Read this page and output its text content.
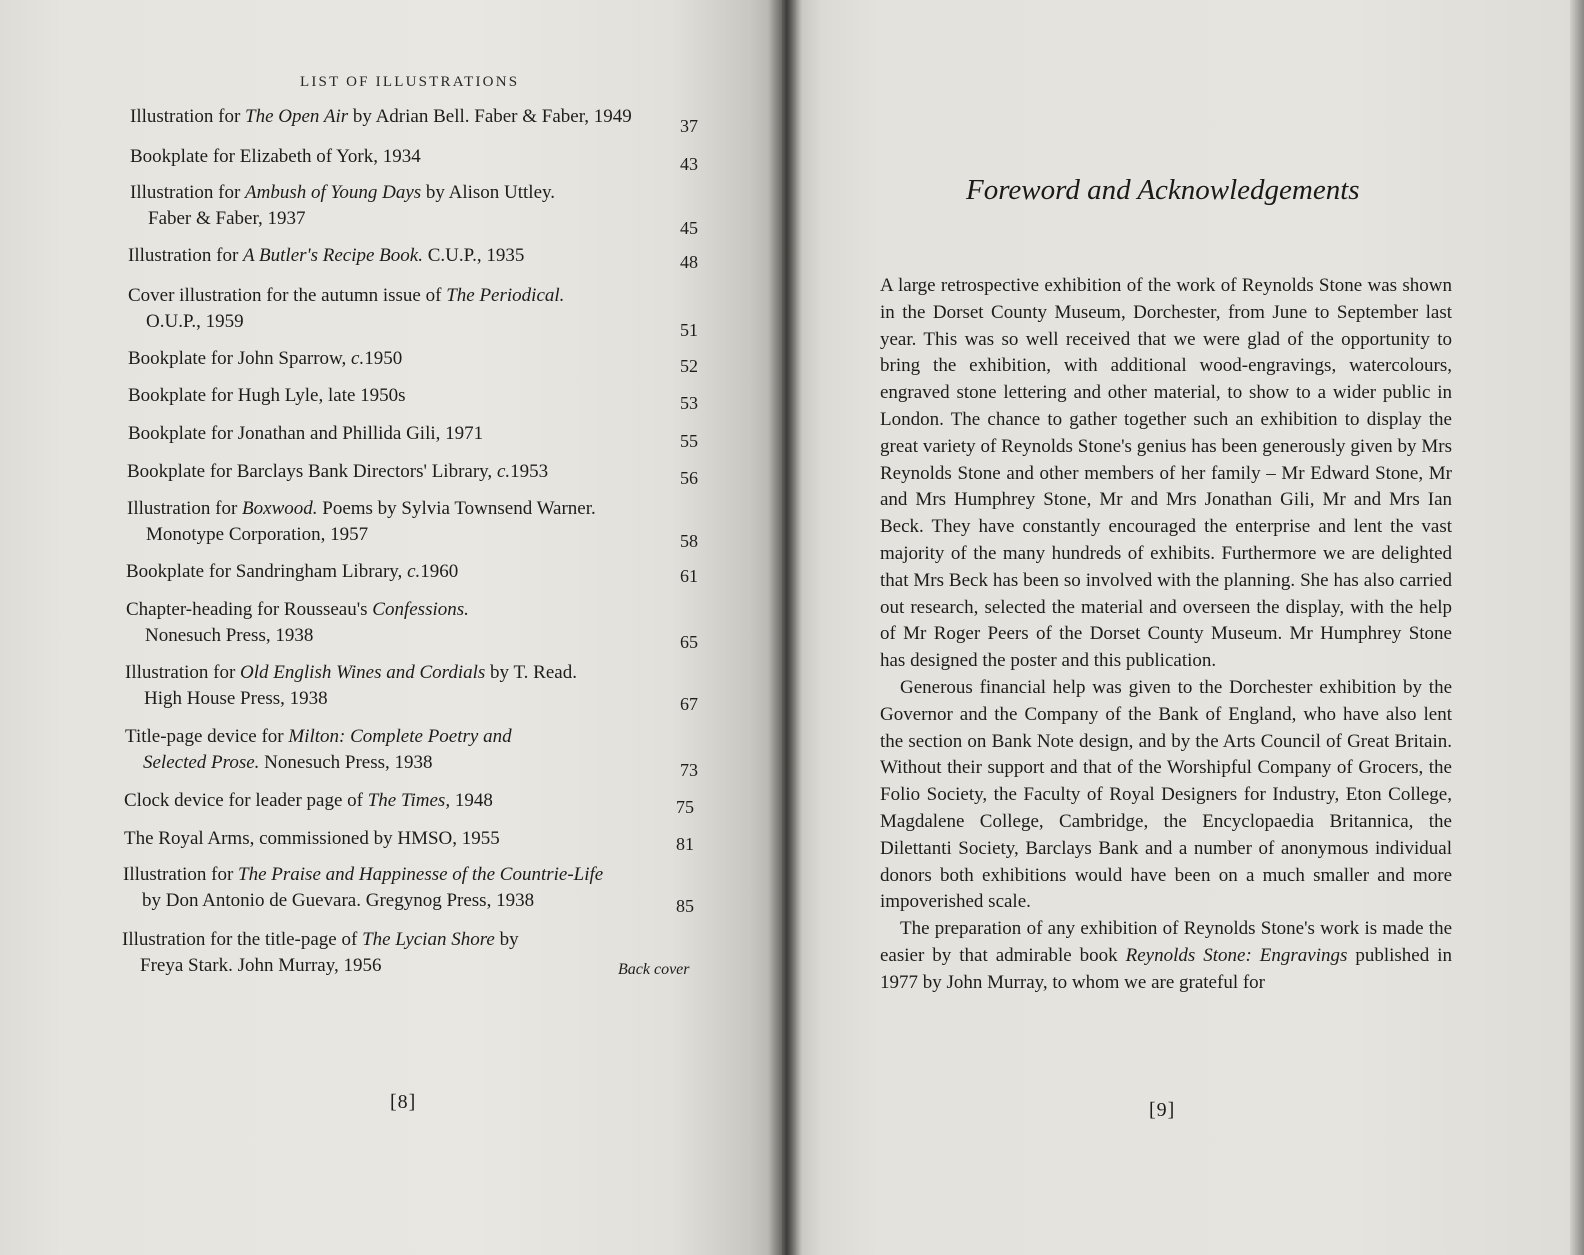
LIST OF ILLUSTRATIONS
Illustration for The Open Air by Adrian Bell. Faber & Faber, 1949	37
Bookplate for Elizabeth of York, 1934	43
Illustration for Ambush of Young Days by Alison Uttley.
Faber & Faber, 1937	45
Illustration for A Butler's Recipe Book. C.U.P., 1935	48
Cover illustration for the autumn issue of The Periodical.
O.U.P., 1959	51
Bookplate for John Sparrow, c.1950	52
Bookplate for Hugh Lyle, late 1950s	53
Bookplate for Jonathan and Phillida Gili, 1971	55
Bookplate for Barclays Bank Directors' Library, c.1953	56
Illustration for Boxwood. Poems by Sylvia Townsend Warner.
Monotype Corporation, 1957	58
Bookplate for Sandringham Library, c.1960	61
Chapter-heading for Rousseau's Confessions.
Nonesuch Press, 1938	65
Illustration for Old English Wines and Cordials by T. Read.
High House Press, 1938	67
Title-page device for Milton: Complete Poetry and
Selected Prose. Nonesuch Press, 1938	73
Clock device for leader page of The Times, 1948	75
The Royal Arms, commissioned by HMSO, 1955	81
Illustration for The Praise and Happinesse of the Countrie-Life
by Don Antonio de Guevara. Gregynog Press, 1938	85
Illustration for the title-page of The Lycian Shore by
Freya Stark. John Murray, 1956	Back cover
[8]
Foreword and Acknowledgements

A large retrospective exhibition of the work of Reynolds Stone was shown in the Dorset County Museum, Dorchester, from June to September last year. This was so well received that we were glad of the opportunity to bring the exhibition, with additional wood-engravings, watercolours, engraved stone lettering and other material, to show to a wider public in London. The chance to gather together such an exhibition to display the great variety of Reynolds Stone's genius has been generously given by Mrs Reynolds Stone and other members of her family – Mr Edward Stone, Mr and Mrs Humphrey Stone, Mr and Mrs Jonathan Gili, Mr and Mrs Ian Beck. They have constantly encouraged the enterprise and lent the vast majority of the many hundreds of exhibits. Furthermore we are delighted that Mrs Beck has been so involved with the planning. She has also carried out research, selected the material and overseen the display, with the help of Mr Roger Peers of the Dorset County Museum. Mr Humphrey Stone has designed the poster and this publication.

Generous financial help was given to the Dorchester exhibition by the Governor and the Company of the Bank of England, who have also lent the section on Bank Note design, and by the Arts Council of Great Britain. Without their support and that of the Worshipful Company of Grocers, the Folio Society, the Faculty of Royal Designers for Industry, Eton College, Magdalene College, Cambridge, the Encyclopaedia Britannica, the Dilettanti Society, Barclays Bank and a number of anonymous individual donors both exhibitions would have been on a much smaller and more impoverished scale.

The preparation of any exhibition of Reynolds Stone's work is made the easier by that admirable book Reynolds Stone: Engravings published in 1977 by John Murray, to whom we are grateful for

[9]
